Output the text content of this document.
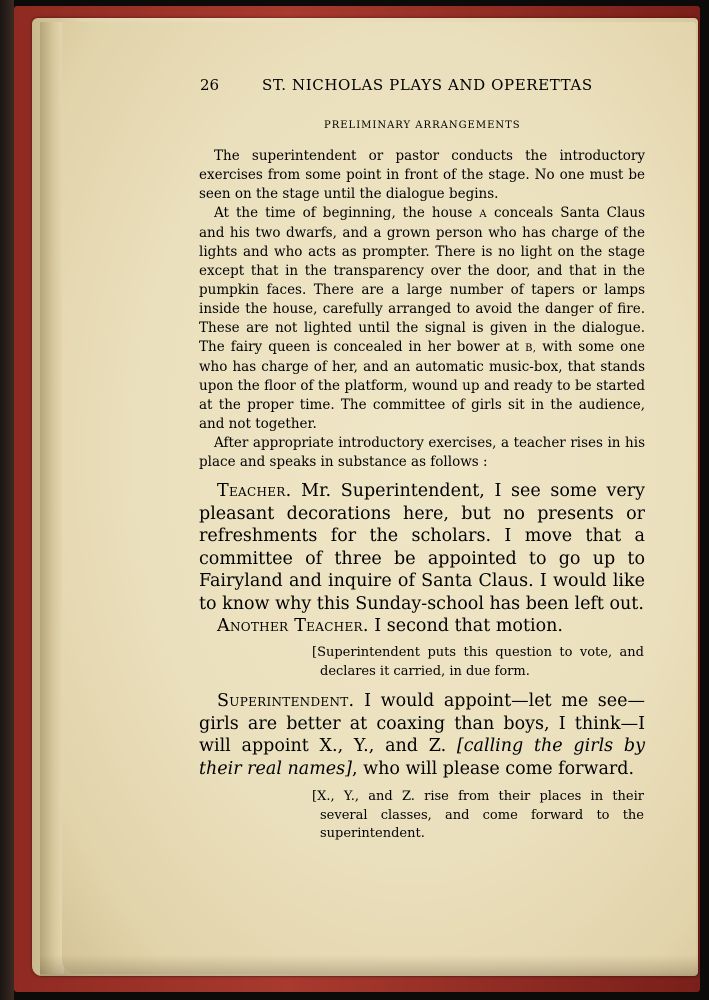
26	ST. NICHOLAS PLAYS AND OPERETTAS
PRELIMINARY ARRANGEMENTS

The superintendent or pastor conducts the introductory exercises from some point in front of the stage. No one must be seen on the stage until the dialogue begins.

At the time of beginning, the house A conceals Santa Claus and his two dwarfs, and a grown person who has charge of the lights and who acts as prompter. There is no light on the stage except that in the transparency over the door, and that in the pumpkin faces. There are a large number of tapers or lamps inside the house, carefully arranged to avoid the danger of fire. These are not lighted until the signal is given in the dialogue. The fairy queen is concealed in her bower at B, with some one who has charge of her, and an automatic music-box, that stands upon the floor of the platform, wound up and ready to be started at the proper time. The committee of girls sit in the audience, and not together.

After appropriate introductory exercises, a teacher rises in his place and speaks in substance as follows :

Teacher. Mr. Superintendent, I see some very pleasant decorations here, but no presents or refreshments for the scholars. I move that a committee of three be appointed to go up to Fairyland and inquire of Santa Claus. I would like to know why this Sunday-school has been left out.

Another Teacher. I second that motion.

[Superintendent puts this question to vote, and declares it carried, in due form.

Superintendent. I would appoint—let me see—girls are better at coaxing than boys, I think—I will appoint X., Y., and Z. [calling the girls by their real names], who will please come forward.

[X., Y., and Z. rise from their places in their several classes, and come forward to the superintendent.
